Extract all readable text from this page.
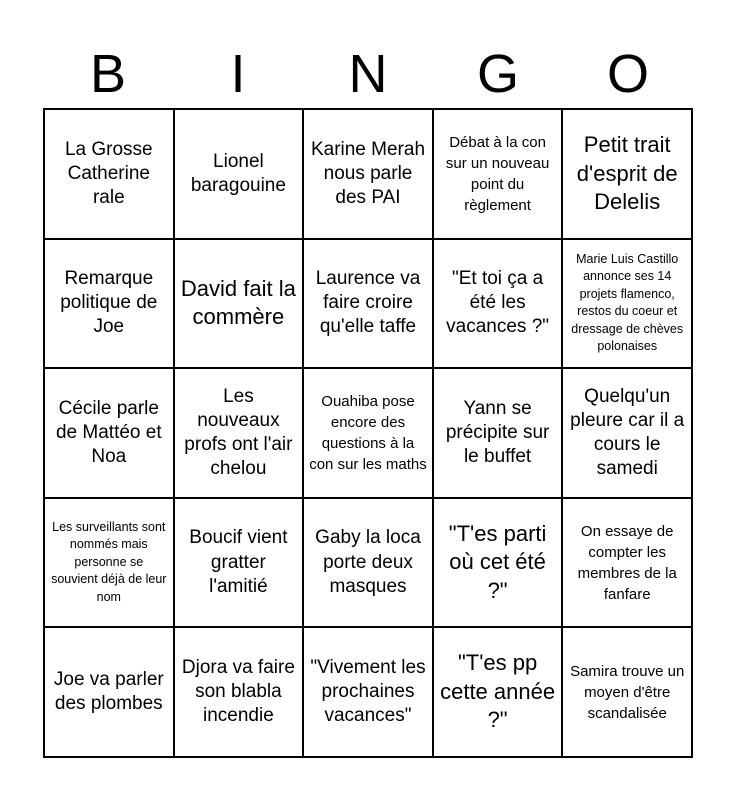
B	I	N	G	O
La Grosse Catherine rale
Lionel baragouine
Karine Merah nous parle des PAI
Débat à la con sur un nouveau point du règlement
Petit trait d'esprit de Delelis
Remarque politique de Joe
David fait la commère
Laurence va faire croire qu'elle taffe
"Et toi ça a été les vacances ?"
Marie Luis Castillo annonce ses 14 projets flamenco, restos du coeur et dressage de chèves polonaises
Cécile parle de Mattéo et Noa
Les nouveaux profs ont l'air chelou
Ouahiba pose encore des questions à la con sur les maths
Yann se précipite sur le buffet
Quelqu'un pleure car il a cours le samedi
Les surveillants sont nommés mais personne se souvient déjà de leur nom
Boucif vient gratter l'amitié
Gaby la loca porte deux masques
"T'es parti où cet été ?"
On essaye de compter les membres de la fanfare
Joe va parler des plombes
Djora va faire son blabla incendie
"Vivement les prochaines vacances"
"T'es pp cette année ?"
Samira trouve un moyen d'être scandalisée
